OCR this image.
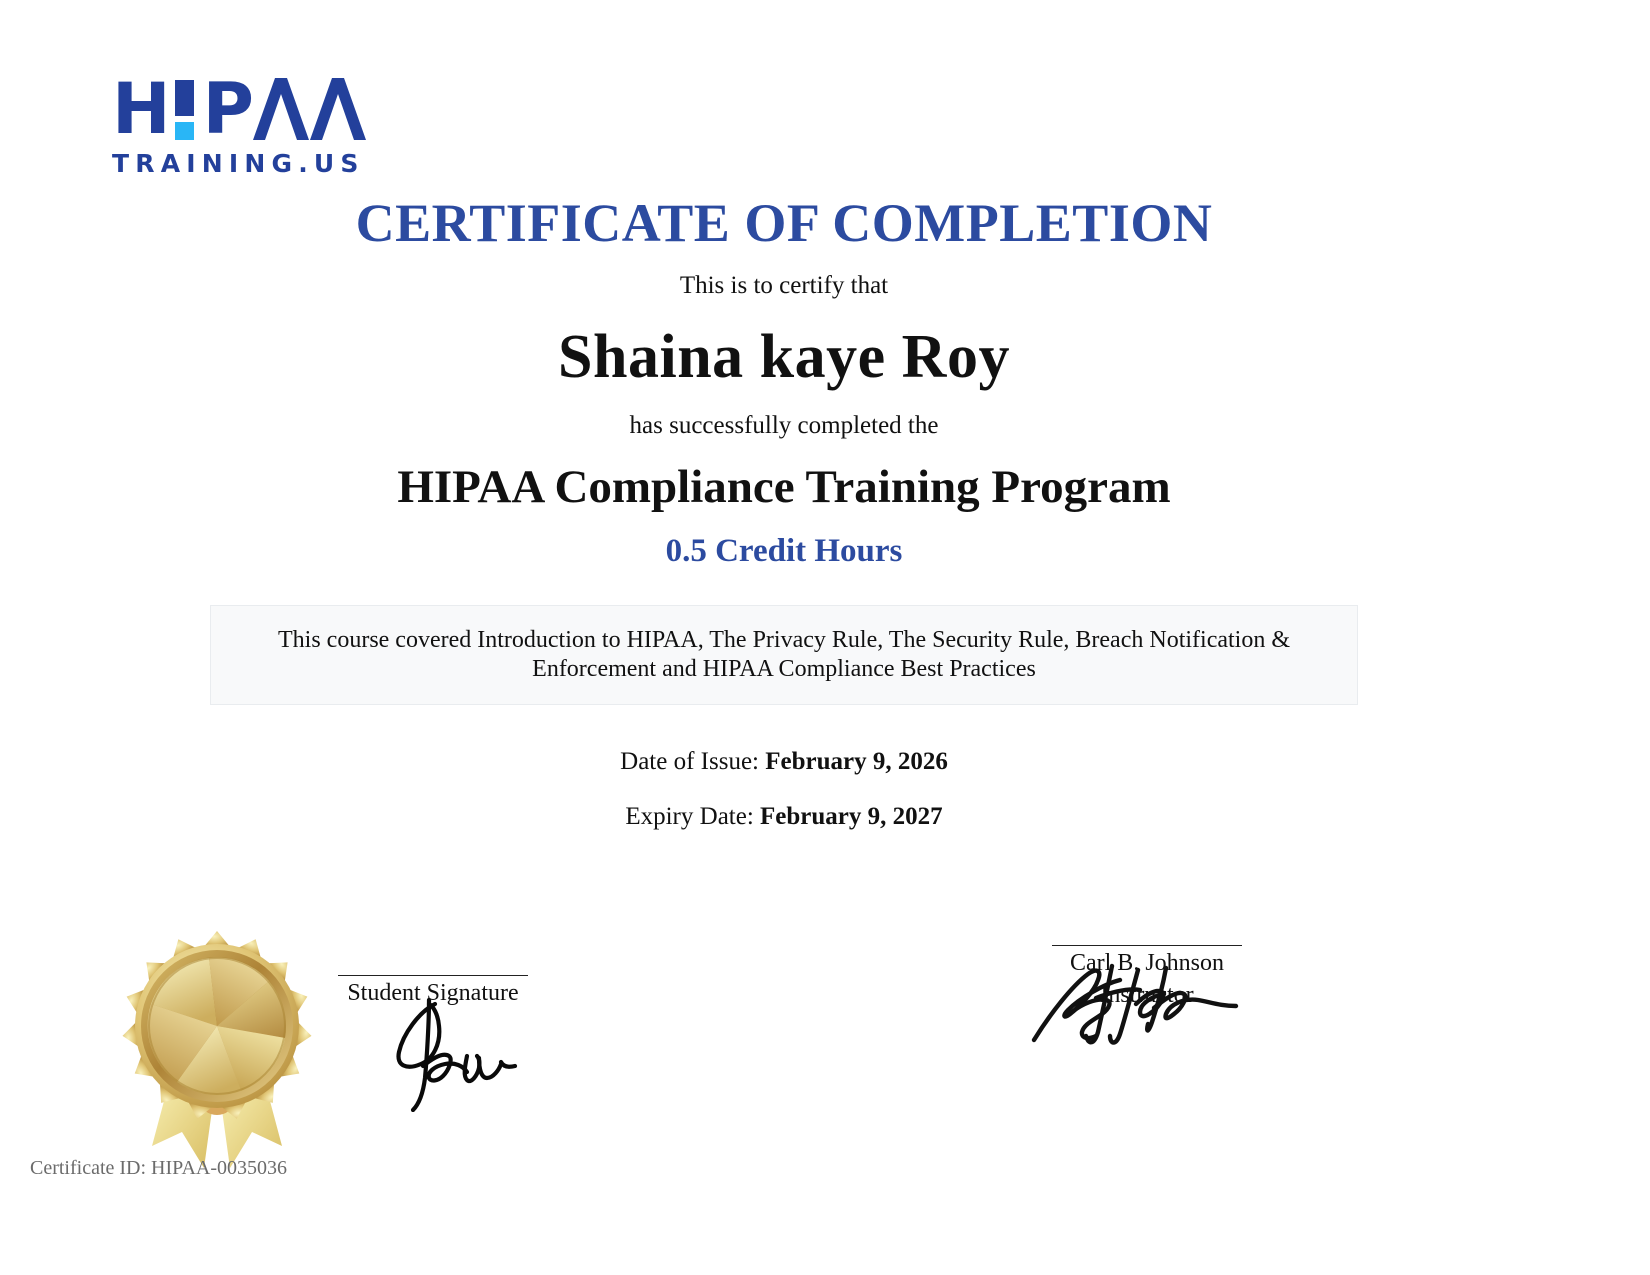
H P
TRAINING.US
CERTIFICATE OF COMPLETION
This is to certify that
Shaina kaye Roy
has successfully completed the
HIPAA Compliance Training Program
0.5 Credit Hours
This course covered Introduction to HIPAA, The Privacy Rule, The Security Rule, Breach Notification & Enforcement and HIPAA Compliance Best Practices
Date of Issue: February 9, 2026
Expiry Date: February 9, 2027
Student Signature
Carl B. Johnson
Instructor
Certificate ID: HIPAA-0035036
